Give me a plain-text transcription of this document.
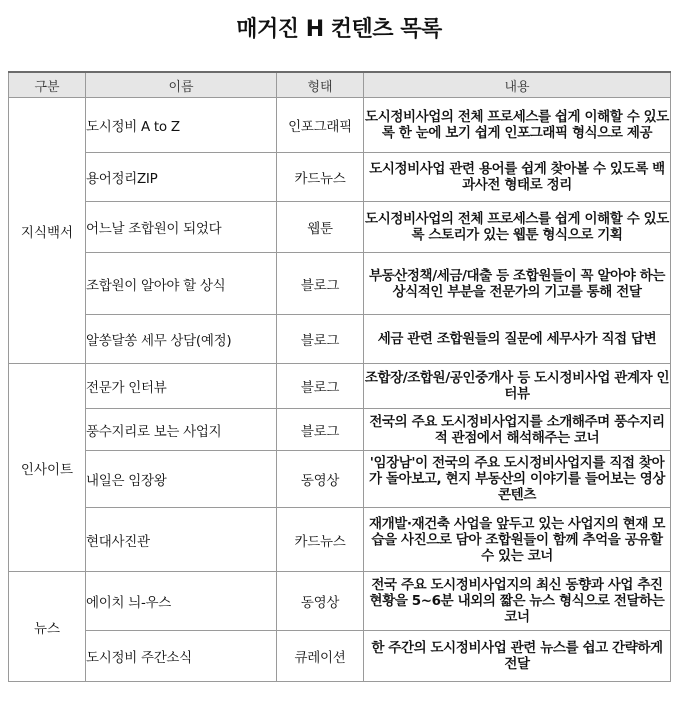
매거진 H 컨텐츠 목록
구분	이름	형태	내용
지식백서	도시정비 A to Z	인포그래픽	도시정비사업의 전체 프로세스를 쉽게 이해할 수 있도록 한 눈에 보기 쉽게 인포그래픽 형식으로 제공
	용어정리ZIP	카드뉴스	도시정비사업 관련 용어를 쉽게 찾아볼 수 있도록 백과사전 형태로 정리
	어느날 조합원이 되었다	웹툰	도시정비사업의 전체 프로세스를 쉽게 이해할 수 있도록 스토리가 있는 웹툰 형식으로 기획
	조합원이 알아야 할 상식	블로그	부동산정책/세금/대출 등 조합원들이 꼭 알아야 하는 상식적인 부분을 전문가의 기고를 통해 전달
	알쏭달쏭 세무 상담(예정)	블로그	세금 관련 조합원들의 질문에 세무사가 직접 답변
인사이트	전문가 인터뷰	블로그	조합장/조합원/공인중개사 등 도시정비사업 관계자 인터뷰
	풍수지리로 보는 사업지	블로그	전국의 주요 도시정비사업지를 소개해주며 풍수지리적 관점에서 해석해주는 코너
	내일은 임장왕	동영상	'임장남'이 전국의 주요 도시정비사업지를 직접 찾아가 돌아보고, 현지 부동산의 이야기를 들어보는 영상 콘텐츠
	현대사진관	카드뉴스	재개발·재건축 사업을 앞두고 있는 사업지의 현재 모습을 사진으로 담아 조합원들이 함께 추억을 공유할 수 있는 코너
뉴스	에이치 늬-우스	동영상	전국 주요 도시정비사업지의 최신 동향과 사업 추진 현황을 5~6분 내외의 짧은 뉴스 형식으로 전달하는 코너
	도시정비 주간소식	큐레이션	한 주간의 도시정비사업 관련 뉴스를 쉽고 간략하게 전달
